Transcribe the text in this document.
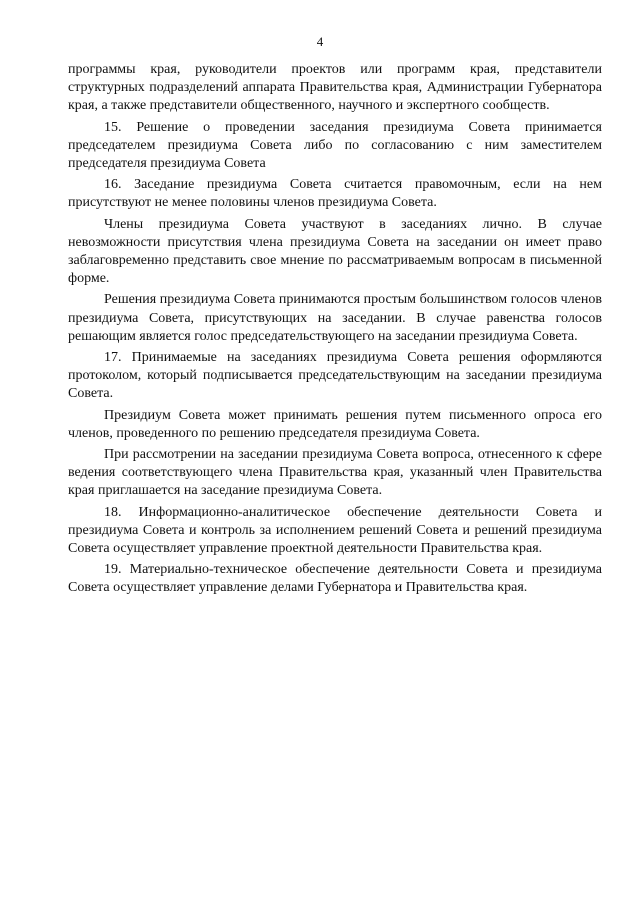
4

программы края, руководители проектов или программ края, представители структурных подразделений аппарата Правительства края, Администрации Губернатора края, а также представители общественного, научного и экспертного сообществ.

15. Решение о проведении заседания президиума Совета принимается председателем президиума Совета либо по согласованию с ним заместителем председателя президиума Совета

16. Заседание президиума Совета считается правомочным, если на нем присутствуют не менее половины членов президиума Совета.

Члены президиума Совета участвуют в заседаниях лично. В случае невозможности присутствия члена президиума Совета на заседании он имеет право заблаговременно представить свое мнение по рассматриваемым вопросам в письменной форме.

Решения президиума Совета принимаются простым большинством голосов членов президиума Совета, присутствующих на заседании. В случае равенства голосов решающим является голос председательствующего на заседании президиума Совета.

17. Принимаемые на заседаниях президиума Совета решения оформляются протоколом, который подписывается председательствующим на заседании президиума Совета.

Президиум Совета может принимать решения путем письменного опроса его членов, проведенного по решению председателя президиума Совета.

При рассмотрении на заседании президиума Совета вопроса, отнесенного к сфере ведения соответствующего члена Правительства края, указанный член Правительства края приглашается на заседание президиума Совета.

18. Информационно-аналитическое обеспечение деятельности Совета и президиума Совета и контроль за исполнением решений Совета и решений президиума Совета осуществляет управление проектной деятельности Правительства края.

19. Материально-техническое обеспечение деятельности Совета и президиума Совета осуществляет управление делами Губернатора и Правительства края.
